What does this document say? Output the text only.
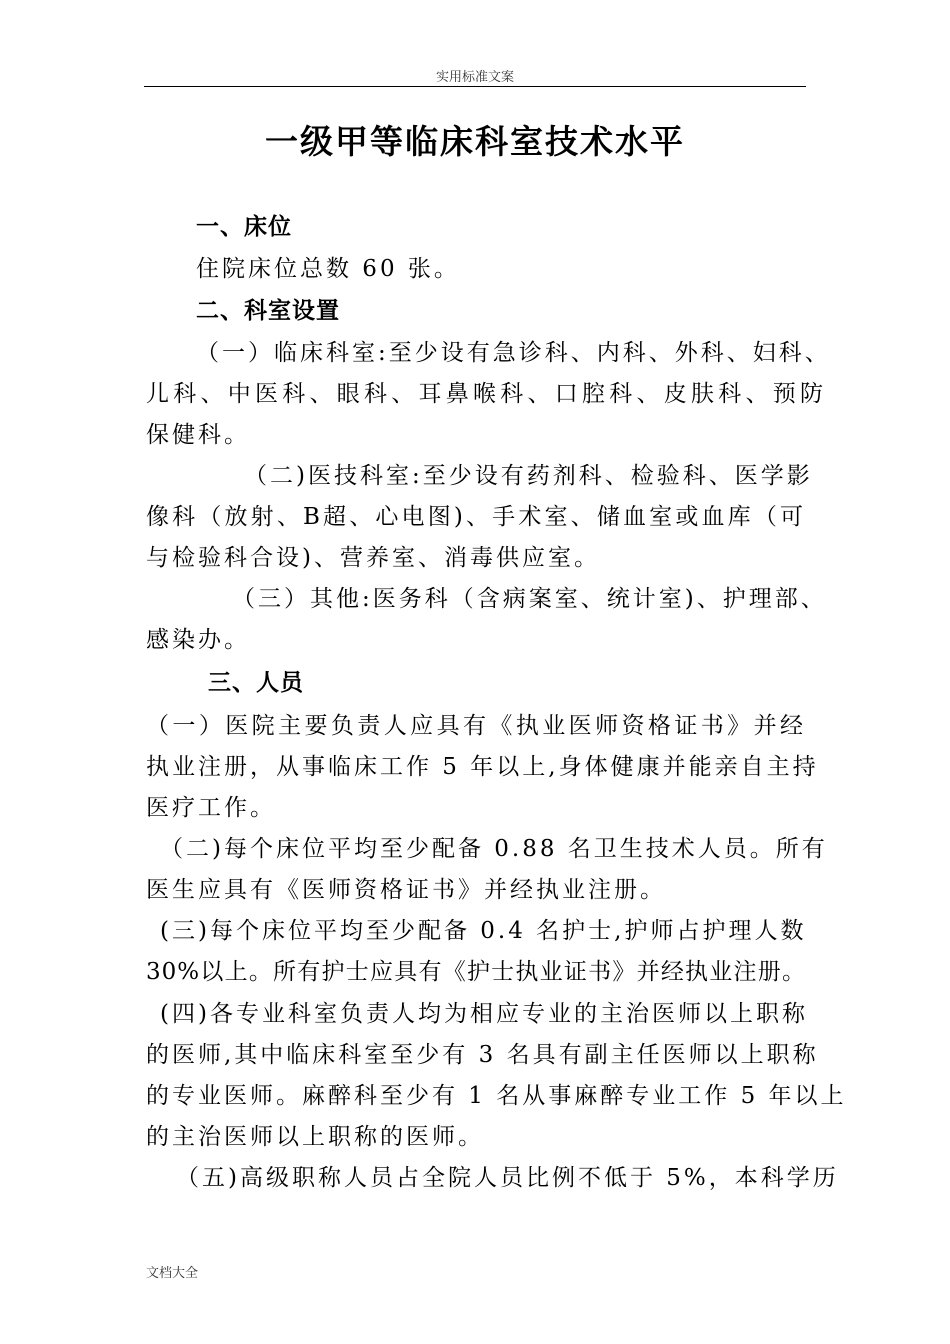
实用标准文案
一级甲等临床科室技术水平
一、床位
住院床位总数 60 张。
二、科室设置
（一）临床科室:至少设有急诊科、内科、外科、妇科、
儿科、中医科、眼科、耳鼻喉科、口腔科、皮肤科、预防
保健科。
（二)医技科室:至少设有药剂科、检验科、医学影
像科（放射、B超、心电图)、手术室、储血室或血库（可
与检验科合设)、营养室、消毒供应室。
（三）其他:医务科（含病案室、统计室)、护理部、
感染办。
三、人员
（一）医院主要负责人应具有《执业医师资格证书》并经
执业注册，从事临床工作 5 年以上,身体健康并能亲自主持
医疗工作。
（二)每个床位平均至少配备 0.88 名卫生技术人员。所有
医生应具有《医师资格证书》并经执业注册。
(三)每个床位平均至少配备 0.4 名护士,护师占护理人数
30%以上。所有护士应具有《护士执业证书》并经执业注册。
(四)各专业科室负责人均为相应专业的主治医师以上职称
的医师,其中临床科室至少有 3 名具有副主任医师以上职称
的专业医师。麻醉科至少有 1 名从事麻醉专业工作 5 年以上
的主治医师以上职称的医师。
（五)高级职称人员占全院人员比例不低于 5%，本科学历
文档大全
